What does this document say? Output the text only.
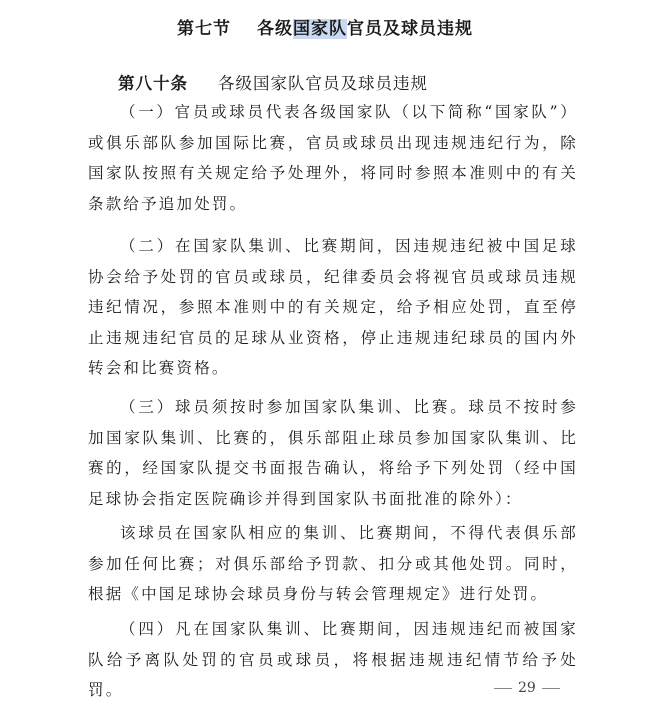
第七节 各级国家队官员及球员违规
第八十条 各级国家队官员及球员违规

（一）官员或球员代表各级国家队（以下简称“国家队”）或俱乐部队参加国际比赛，官员或球员出现违规违纪行为，除国家队按照有关规定给予处理外，将同时参照本准则中的有关条款给予追加处罚。

（二）在国家队集训、比赛期间，因违规违纪被中国足球协会给予处罚的官员或球员，纪律委员会将视官员或球员违规违纪情况，参照本准则中的有关规定，给予相应处罚，直至停止违规违纪官员的足球从业资格，停止违规违纪球员的国内外转会和比赛资格。

（三）球员须按时参加国家队集训、比赛。球员不按时参加国家队集训、比赛的，俱乐部阻止球员参加国家队集训、比赛的，经国家队提交书面报告确认，将给予下列处罚（经中国足球协会指定医院确诊并得到国家队书面批准的除外）：

该球员在国家队相应的集训、比赛期间，不得代表俱乐部参加任何比赛；对俱乐部给予罚款、扣分或其他处罚。同时，根据《中国足球协会球员身份与转会管理规定》进行处罚。

（四）凡在国家队集训、比赛期间，因违规违纪而被国家队给予离队处罚的官员或球员，将根据违规违纪情节给予处罚。	29
